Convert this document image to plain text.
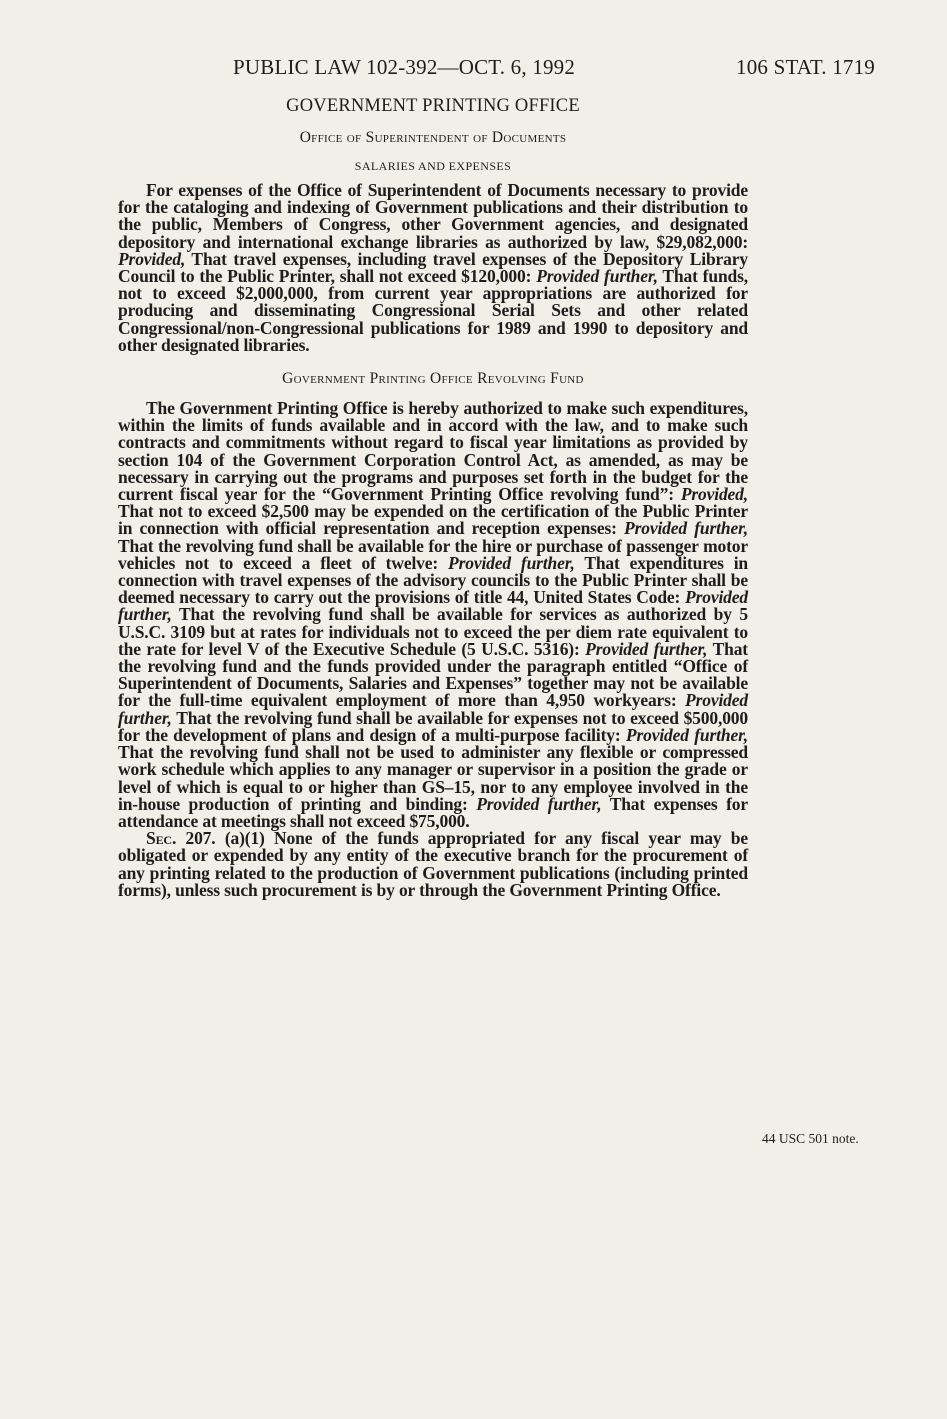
PUBLIC LAW 102-392—OCT. 6, 1992	106 STAT. 1719
GOVERNMENT PRINTING OFFICE
Office of Superintendent of Documents
SALARIES AND EXPENSES

For expenses of the Office of Superintendent of Documents necessary to provide for the cataloging and indexing of Government publications and their distribution to the public, Members of Congress, other Government agencies, and designated depository and international exchange libraries as authorized by law, $29,082,000: Provided, That travel expenses, including travel expenses of the Depository Library Council to the Public Printer, shall not exceed $120,000: Provided further, That funds, not to exceed $2,000,000, from current year appropriations are authorized for producing and disseminating Congressional Serial Sets and other related Congressional/non-Congressional publications for 1989 and 1990 to depository and other designated libraries.

Government Printing Office Revolving Fund

The Government Printing Office is hereby authorized to make such expenditures, within the limits of funds available and in accord with the law, and to make such contracts and commitments without regard to fiscal year limitations as provided by section 104 of the Government Corporation Control Act, as amended, as may be necessary in carrying out the programs and purposes set forth in the budget for the current fiscal year for the “Government Printing Office revolving fund”: Provided, That not to exceed $2,500 may be expended on the certification of the Public Printer in connection with official representation and reception expenses: Provided further, That the revolving fund shall be available for the hire or purchase of passenger motor vehicles not to exceed a fleet of twelve: Provided further, That expenditures in connection with travel expenses of the advisory councils to the Public Printer shall be deemed necessary to carry out the provisions of title 44, United States Code: Provided further, That the revolving fund shall be available for services as authorized by 5 U.S.C. 3109 but at rates for individuals not to exceed the per diem rate equivalent to the rate for level V of the Executive Schedule (5 U.S.C. 5316): Provided further, That the revolving fund and the funds provided under the paragraph entitled “Office of Superintendent of Documents, Salaries and Expenses” together may not be available for the full-time equivalent employment of more than 4,950 workyears: Provided further, That the revolving fund shall be available for expenses not to exceed $500,000 for the development of plans and design of a multi-purpose facility: Provided further, That the revolving fund shall not be used to administer any flexible or compressed work schedule which applies to any manager or supervisor in a position the grade or level of which is equal to or higher than GS–15, nor to any employee involved in the in-house production of printing and binding: Provided further, That expenses for attendance at meetings shall not exceed $75,000.

Sec. 207. (a)(1) None of the funds appropriated for any fiscal year may be obligated or expended by any entity of the executive branch for the procurement of any printing related to the production of Government publications (including printed forms), unless such procurement is by or through the Government Printing Office.

44 USC 501 note.
